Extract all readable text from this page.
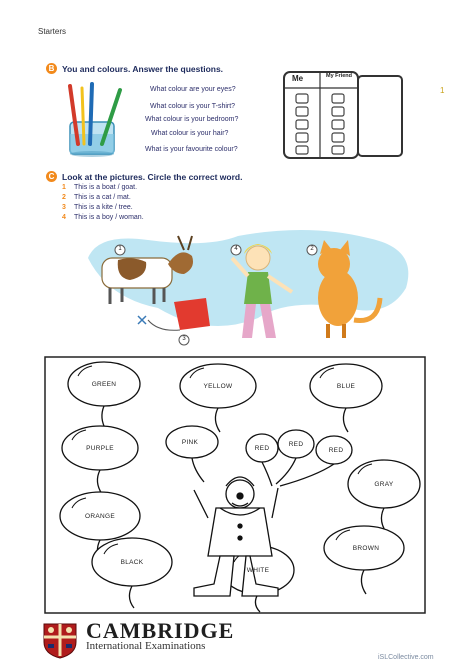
Starters
1
B You and colours. Answer the questions.
What colour are your eyes?
What colour is your T-shirt?
What colour is your bedroom?
What colour is your hair?
What is your favourite colour?
Me	My Friend
C Look at the pictures. Circle the correct word.
1 This is a boat / goat.
2 This is a cat / mat.
3 This is a kite / tree.
4 This is a boy / woman.
1	4	2
3
GREEN	YELLOW	BLUE
PURPLE
PINK
RED
RED
RED
GRAY
ORANGE
BROWN
BLACK
WHITE
CAMBRIDGE
International Examinations
iSLCollective.com
